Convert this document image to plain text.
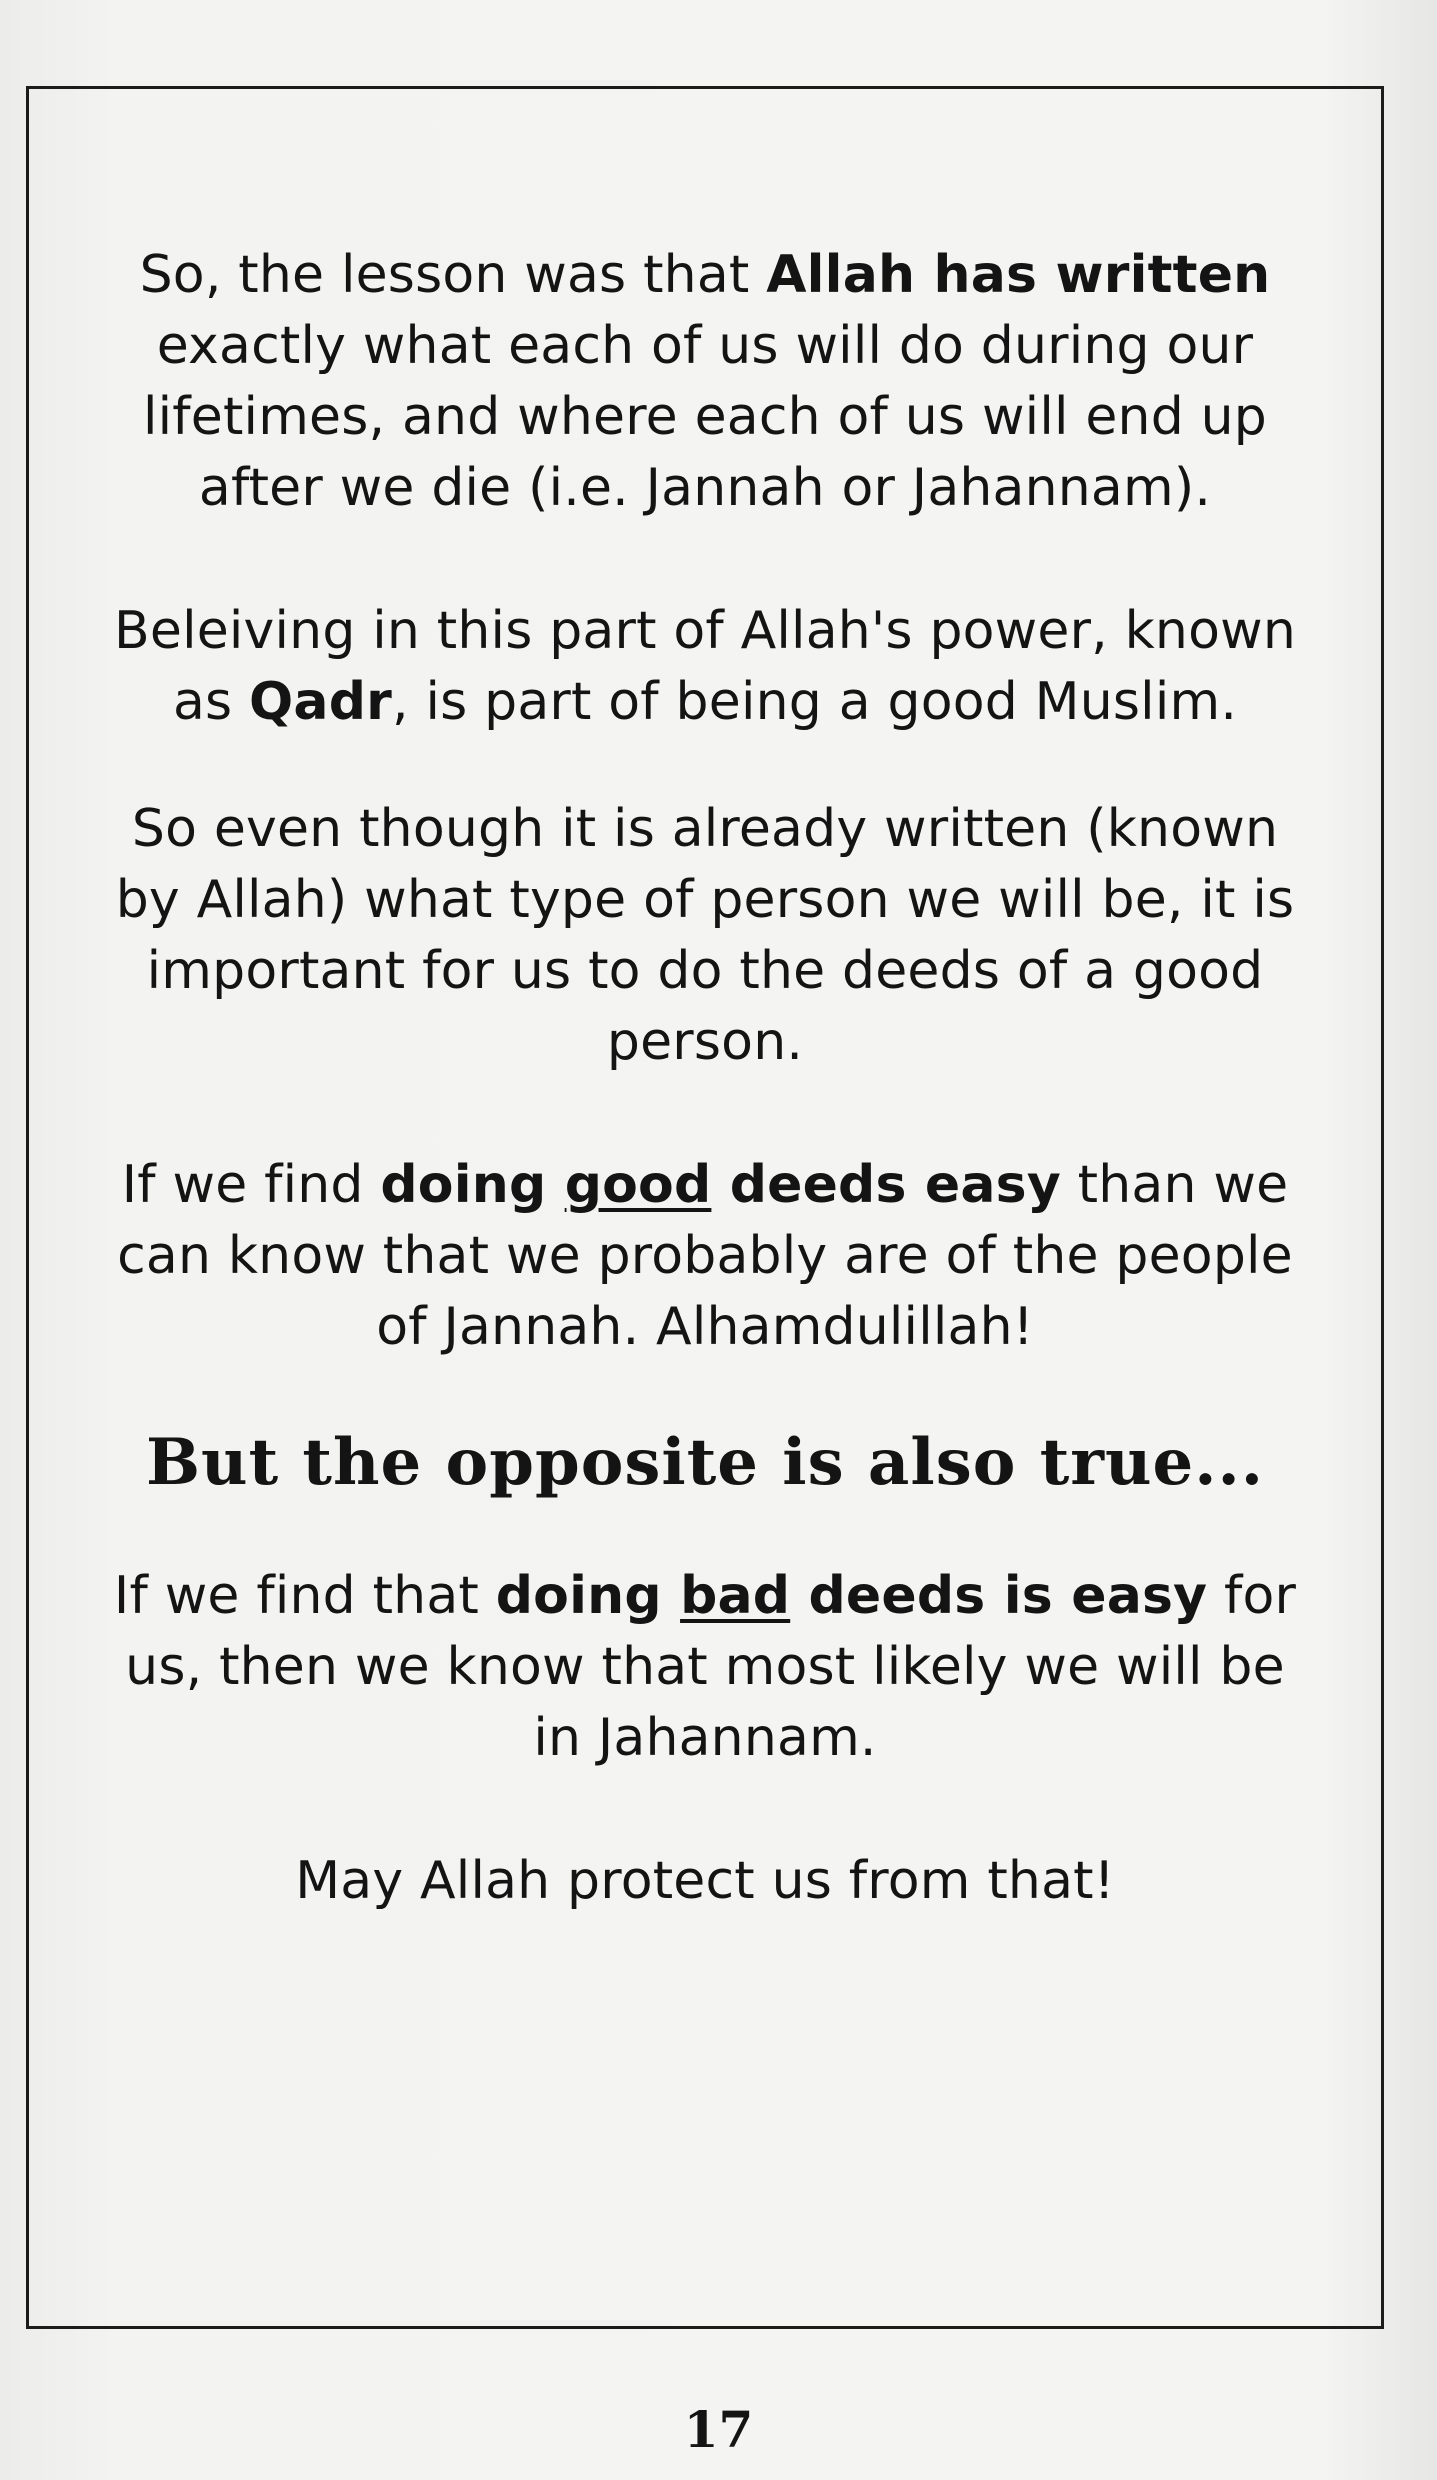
So, the lesson was that Allah has written exactly what each of us will do during our lifetimes, and where each of us will end up after we die (i.e. Jannah or Jahannam).

Beleiving in this part of Allah's power, known as Qadr, is part of being a good Muslim.

So even though it is already written (known by Allah) what type of person we will be, it is important for us to do the deeds of a good person.

If we find doing good deeds easy than we can know that we probably are of the people of Jannah. Alhamdulillah!

But the opposite is also true...

If we find that doing bad deeds is easy for us, then we know that most likely we will be in Jahannam.

May Allah protect us from that!

17
